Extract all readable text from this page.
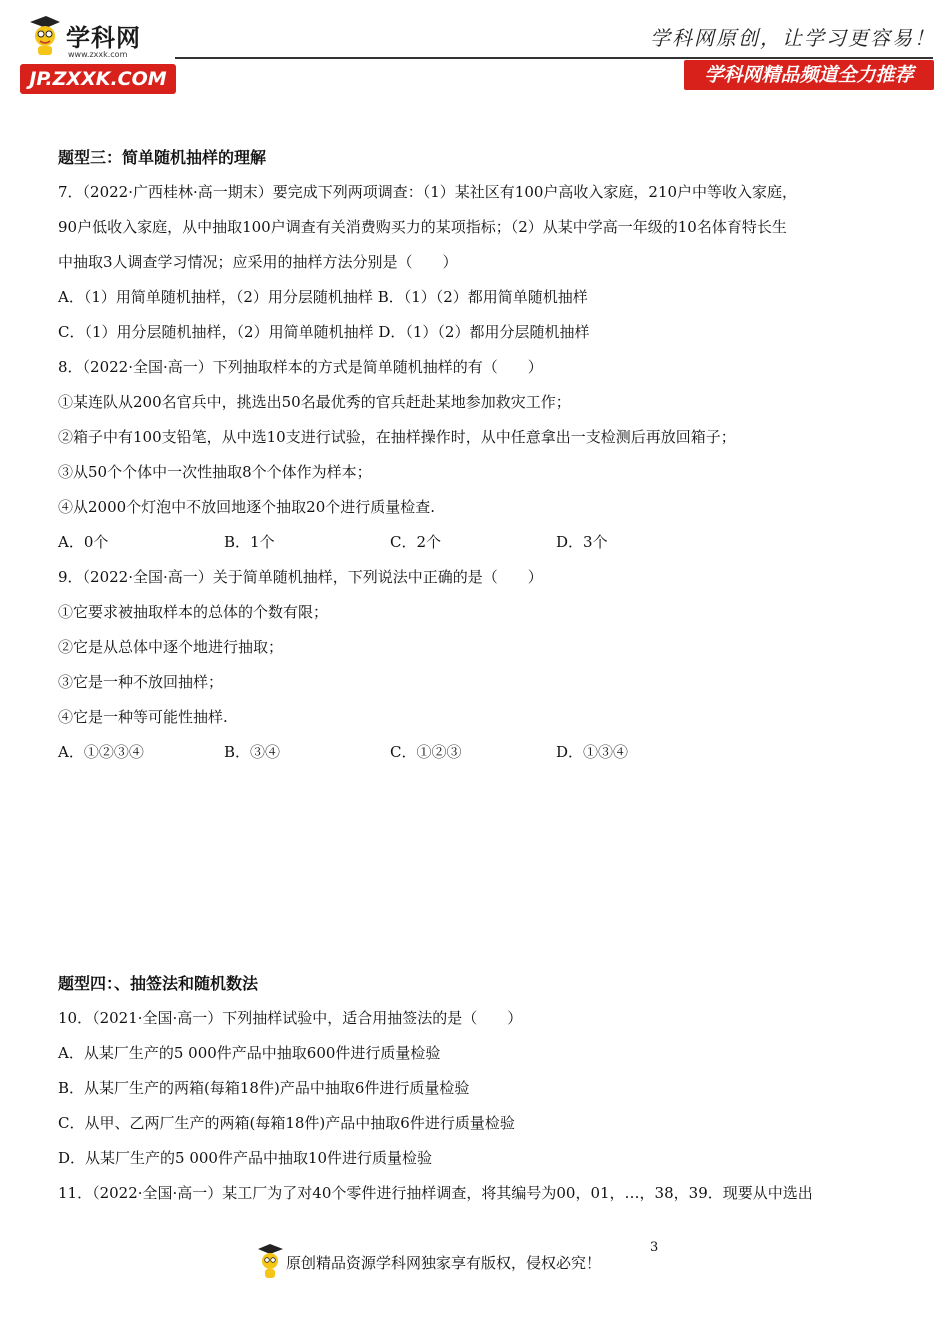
学科网
www.zxxk.com
JP.ZXXK.COM
学科网原创，让学习更容易！
学科网精品频道全力推荐
题型三：简单随机抽样的理解
7．（2022·广西桂林·高一期末）要完成下列两项调查：（1）某社区有100户高收入家庭，210户中等收入家庭，
90户低收入家庭，从中抽取100户调查有关消费购买力的某项指标；（2）从某中学高一年级的10名体育特长生
中抽取3人调查学习情况；应采用的抽样方法分别是（　　）
A．（1）用简单随机抽样，（2）用分层随机抽样 B．（1）（2）都用简单随机抽样
C．（1）用分层随机抽样，（2）用简单随机抽样 D．（1）（2）都用分层随机抽样
8．（2022·全国·高一）下列抽取样本的方式是简单随机抽样的有（　　）
①某连队从200名官兵中，挑选出50名最优秀的官兵赶赴某地参加救灾工作；
②箱子中有100支铅笔，从中选10支进行试验，在抽样操作时，从中任意拿出一支检测后再放回箱子；
③从50个个体中一次性抽取8个个体作为样本；
④从2000个灯泡中不放回地逐个抽取20个进行质量检查.
A．0个	B．1个	C．2个	D．3个
9．（2022·全国·高一）关于简单随机抽样，下列说法中正确的是（　　）
①它要求被抽取样本的总体的个数有限；
②它是从总体中逐个地进行抽取；
③它是一种不放回抽样；
④它是一种等可能性抽样.
A．①②③④	B．③④	C．①②③	D．①③④
题型四：、抽签法和随机数法
10．（2021·全国·高一）下列抽样试验中，适合用抽签法的是（　　）
A．从某厂生产的5 000件产品中抽取600件进行质量检验
B．从某厂生产的两箱(每箱18件)产品中抽取6件进行质量检验
C．从甲、乙两厂生产的两箱(每箱18件)产品中抽取6件进行质量检验
D．从某厂生产的5 000件产品中抽取10件进行质量检验
11．（2022·全国·高一）某工厂为了对40个零件进行抽样调查，将其编号为00，01，…，38，39．现要从中选出
原创精品资源学科网独家享有版权，侵权必究！
3
